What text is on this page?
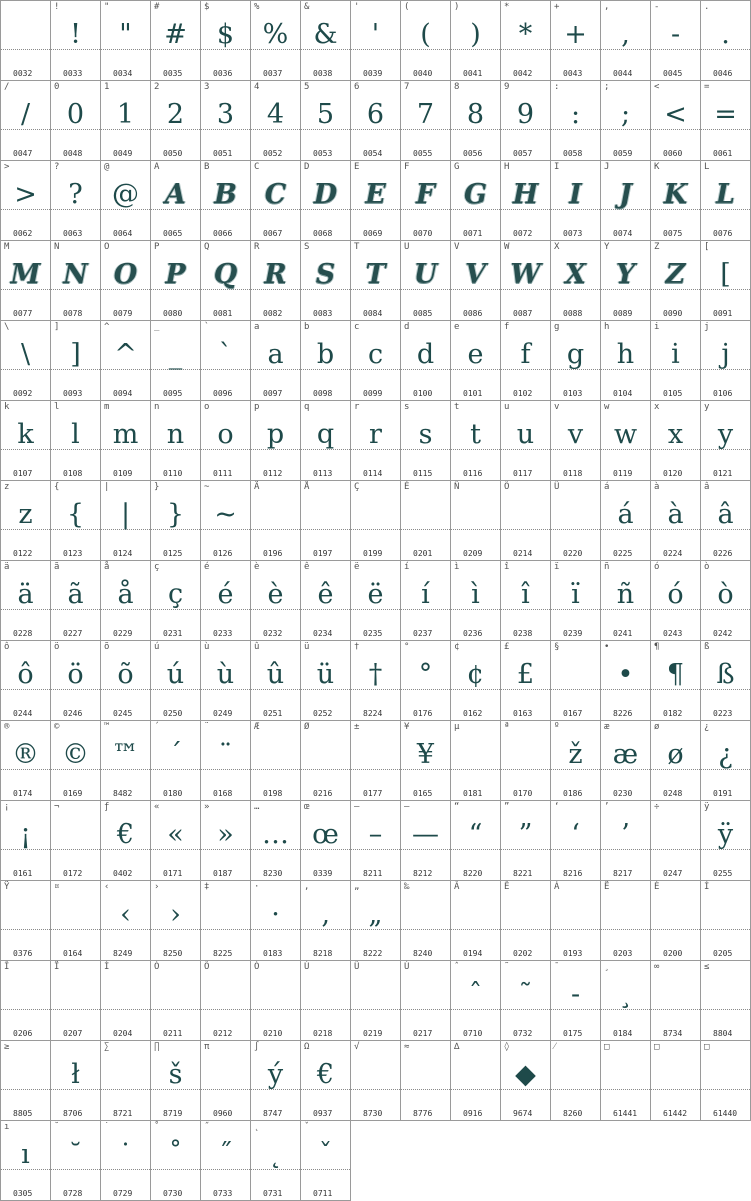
0032
!
!
0033
"
"
0034
#
#
0035
$
$
0036
%
%
0037
&
&
0038
'
'
0039
(
(
0040
)
)
0041
*
*
0042
+
+
0043
,
,
0044
-
-
0045
.
.
0046
/
/
0047
0
0
0048
1
1
0049
2
2
0050
3
3
0051
4
4
0052
5
5
0053
6
6
0054
7
7
0055
8
8
0056
9
9
0057
:
:
0058
;
;
0059
<
<
0060
=
=
0061
>
>
0062
?
?
0063
@
@
0064
A
A
0065
B
B
0066
C
C
0067
D
D
0068
E
E
0069
F
F
0070
G
G
0071
H
H
0072
I
I
0073
J
J
0074
K
K
0075
L
L
0076
M
M
0077
N
N
0078
O
O
0079
P
P
0080
Q
Q
0081
R
R
0082
S
S
0083
T
T
0084
U
U
0085
V
V
0086
W
W
0087
X
X
0088
Y
Y
0089
Z
Z
0090
[
[
0091
\
\
0092
]
]
0093
^
^
0094
_
_
0095
`
`
0096
a
a
0097
b
b
0098
c
c
0099
d
d
0100
e
e
0101
f
f
0102
g
g
0103
h
h
0104
i
i
0105
j
j
0106
k
k
0107
l
l
0108
m
m
0109
n
n
0110
o
o
0111
p
p
0112
q
q
0113
r
r
0114
s
s
0115
t
t
0116
u
u
0117
v
v
0118
w
w
0119
x
x
0120
y
y
0121
z
z
0122
{
{
0123
|
|
0124
}
}
0125
~
~
0126
Ä
0196
Å
0197
Ç
0199
É
0201
Ñ
0209
Ö
0214
Ü
0220
á
á
0225
à
à
0224
â
â
0226
ä
ä
0228
ã
ã
0227
å
å
0229
ç
ç
0231
é
é
0233
è
è
0232
ê
ê
0234
ë
ë
0235
í
í
0237
ì
ì
0236
î
î
0238
ï
ï
0239
ñ
ñ
0241
ó
ó
0243
ò
ò
0242
ô
ô
0244
ö
ö
0246
õ
õ
0245
ú
ú
0250
ù
ù
0249
û
û
0251
ü
ü
0252
†
†
8224
°
°
0176
¢
¢
0162
£
£
0163
§
0167
•
•
8226
¶
¶
0182
ß
ß
0223
®
®
0174
©
©
0169
™
™
8482
´
´
0180
¨
¨
0168
Æ
0198
Ø
0216
±
0177
¥
¥
0165
µ
0181
ª
0170
º
ž
0186
æ
æ
0230
ø
ø
0248
¿
¿
0191
¡
¡
0161
¬
0172
ƒ
€
0402
«
«
0171
»
»
0187
…
…
8230
œ
œ
0339
–
–
8211
—
—
8212
“
“
8220
”
”
8221
‘
‘
8216
’
’
8217
÷
0247
ÿ
ÿ
0255
Ÿ
0376
¤
0164
‹
‹
8249
›
›
8250
‡
8225
·
·
0183
‚
‚
8218
„
„
8222
‰
8240
Â
0194
Ê
0202
Á
0193
Ë
0203
È
0200
Í
0205
Î
0206
Ï
0207
Ì
0204
Ó
0211
Ô
0212
Ò
0210
Ú
0218
Û
0219
Ù
0217
ˆ
ˆ
0710
˜
˜
0732
¯
-
0175
¸
¸
0184
∞
8734
≤
8804
≥
8805
ł
8706
∑
8721
∏
š
8719
π
0960
∫
ý
8747
Ω
€
0937
√
8730
≈
8776
∆
0916
◊
◆
9674
⁄
8260
□
61441
□
61442
□
61440
ı
ı
0305
˘
˘
0728
˙
˙
0729
˚
˚
0730
˝
˝
0733
˛
˛
0731
ˇ
ˇ
0711
